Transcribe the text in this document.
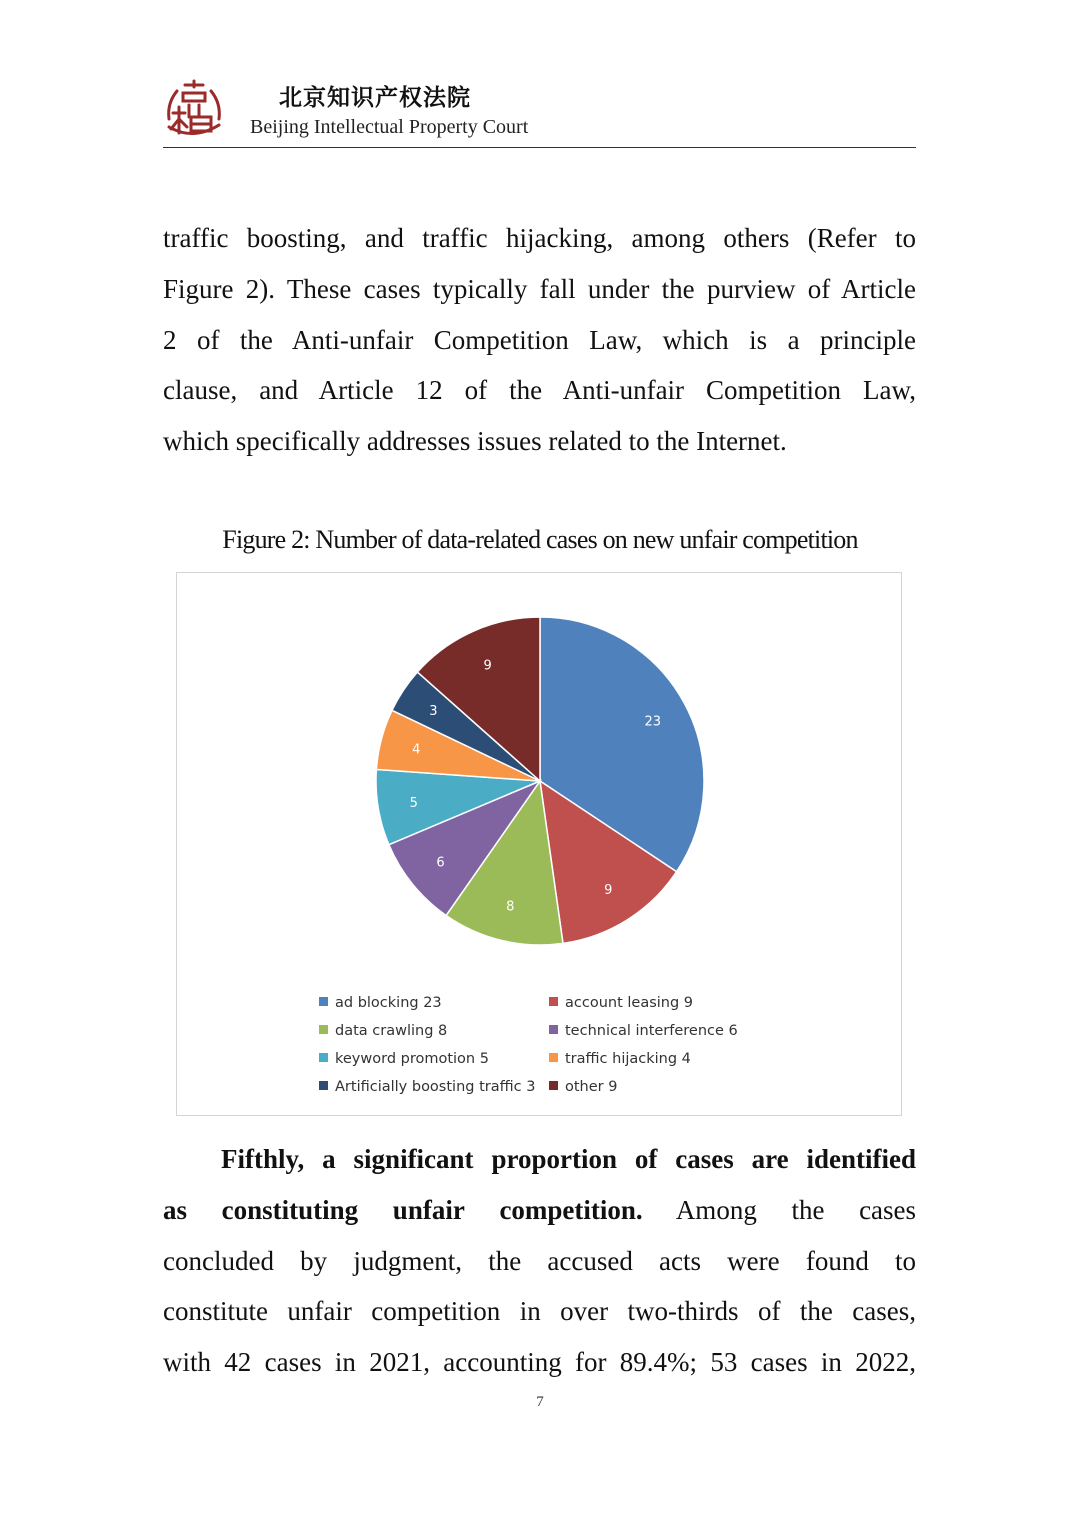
北京知识产权法院
Beijing Intellectual Property Court
traffic boosting, and traffic hijacking, among others (Refer to
Figure 2). These cases typically fall under the purview of Article
2 of the Anti-unfair Competition Law, which is a principle
clause, and Article 12 of the Anti-unfair Competition Law,
which specifically addresses issues related to the Internet.
Figure 2: Number of data-related cases on new unfair competition
23
9
8
6
5
4
3
9
ad blocking 23	account leasing 9
data crawling 8	technical interference 6
keyword promotion 5	traffic hijacking 4
Artificially boosting traffic 3	other 9
Fifthly, a significant proportion of cases are identified
as constituting unfair competition. Among the cases
concluded by judgment, the accused acts were found to
constitute unfair competition in over two-thirds of the cases,
with 42 cases in 2021, accounting for 89.4%; 53 cases in 2022,
7
